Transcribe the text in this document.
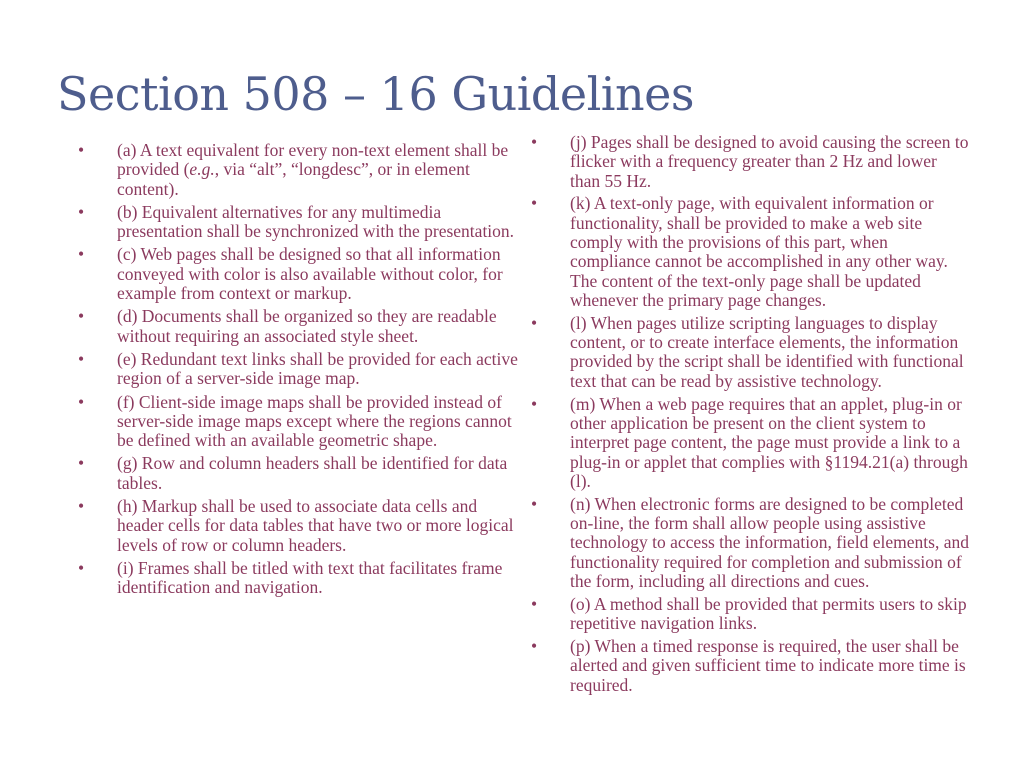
Section 508 – 16 Guidelines
• (a) A text equivalent for every non-text element shall be provided (e.g., via “alt”, “longdesc”, or in element content).
• (b) Equivalent alternatives for any multimedia presentation shall be synchronized with the presentation.
• (c) Web pages shall be designed so that all information conveyed with color is also available without color, for example from context or markup.
• (d) Documents shall be organized so they are readable without requiring an associated style sheet.
• (e) Redundant text links shall be provided for each active region of a server-side image map.
• (f) Client-side image maps shall be provided instead of server-side image maps except where the regions cannot be defined with an available geometric shape.
• (g) Row and column headers shall be identified for data tables.
• (h) Markup shall be used to associate data cells and header cells for data tables that have two or more logical levels of row or column headers.
• (i) Frames shall be titled with text that facilitates frame identification and navigation.
• (j) Pages shall be designed to avoid causing the screen to flicker with a frequency greater than 2 Hz and lower than 55 Hz.
• (k) A text-only page, with equivalent information or functionality, shall be provided to make a web site comply with the provisions of this part, when compliance cannot be accomplished in any other way. The content of the text-only page shall be updated whenever the primary page changes.
• (l) When pages utilize scripting languages to display content, or to create interface elements, the information provided by the script shall be identified with functional text that can be read by assistive technology.
• (m) When a web page requires that an applet, plug-in or other application be present on the client system to interpret page content, the page must provide a link to a plug-in or applet that complies with §1194.21(a) through (l).
• (n) When electronic forms are designed to be completed on-line, the form shall allow people using assistive technology to access the information, field elements, and functionality required for completion and submission of the form, including all directions and cues.
• (o) A method shall be provided that permits users to skip repetitive navigation links.
• (p) When a timed response is required, the user shall be alerted and given sufficient time to indicate more time is required.
